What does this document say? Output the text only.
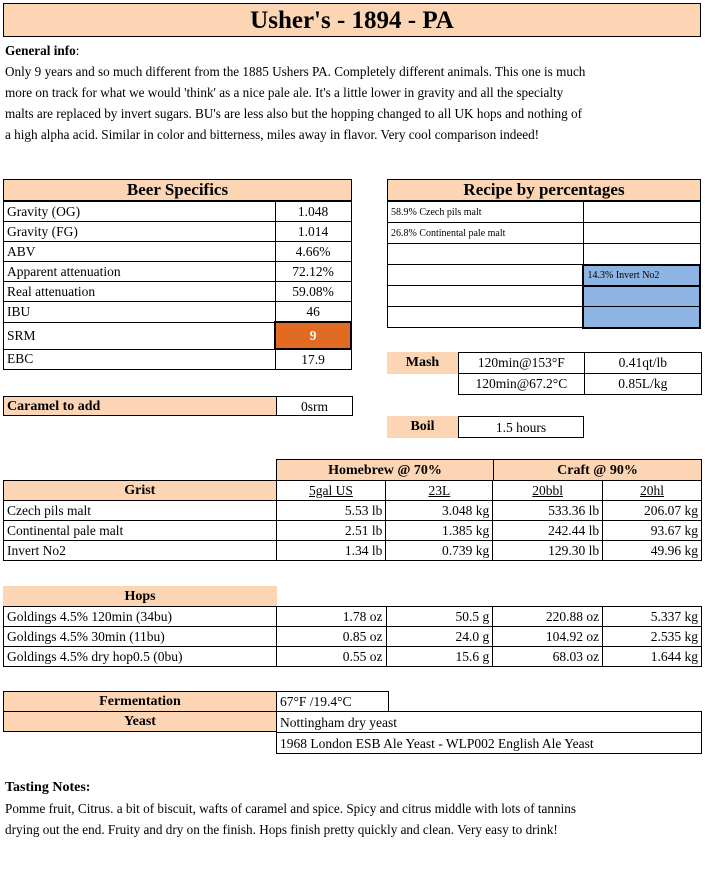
Usher's - 1894 - PA
General info:
Only 9 years and so much different from the 1885 Ushers PA. Completely different animals. This one is much
more on track for what we would 'think' as a nice pale ale. It's a little lower in gravity and all the specialty
malts are replaced by invert sugars. BU's are less also but the hopping changed to all UK hops and nothing of
a high alpha acid. Similar in color and bitterness, miles away in flavor. Very cool comparison indeed!
Beer Specifics
Gravity (OG)	1.048
Gravity (FG)	1.014
ABV	4.66%
Apparent attenuation	72.12%
Real attenuation	59.08%
IBU	46
SRM	9
EBC	17.9
Caramel to add	0srm
Recipe by percentages
58.9% Czech pils malt	
26.8% Continental pale malt	

	14.3% Invert No2

Mash	120min@153°F	0.41qt/lb
120min@67.2°C	0.85L/kg
Boil	1.5 hours
Homebrew @ 70%	Craft @ 90%
Grist	5gal US	23L	20bbl	20hl
Czech pils malt	5.53 lb	3.048 kg	533.36 lb	206.07 kg
Continental pale malt	2.51 lb	1.385 kg	242.44 lb	93.67 kg
Invert No2	1.34 lb	0.739 kg	129.30 lb	49.96 kg
Hops
Goldings 4.5% 120min (34bu)	1.78 oz	50.5 g	220.88 oz	5.337 kg
Goldings 4.5% 30min (11bu)	0.85 oz	24.0 g	104.92 oz	2.535 kg
Goldings 4.5% dry hop0.5 (0bu)	0.55 oz	15.6 g	68.03 oz	1.644 kg
Fermentation	67°F /19.4°C
Yeast	Nottingham dry yeast
1968 London ESB Ale Yeast - WLP002 English Ale Yeast
Tasting Notes:
Pomme fruit, Citrus. a bit of biscuit, wafts of caramel and spice. Spicy and citrus middle with lots of tannins
drying out the end. Fruity and dry on the finish. Hops finish pretty quickly and clean. Very easy to drink!
